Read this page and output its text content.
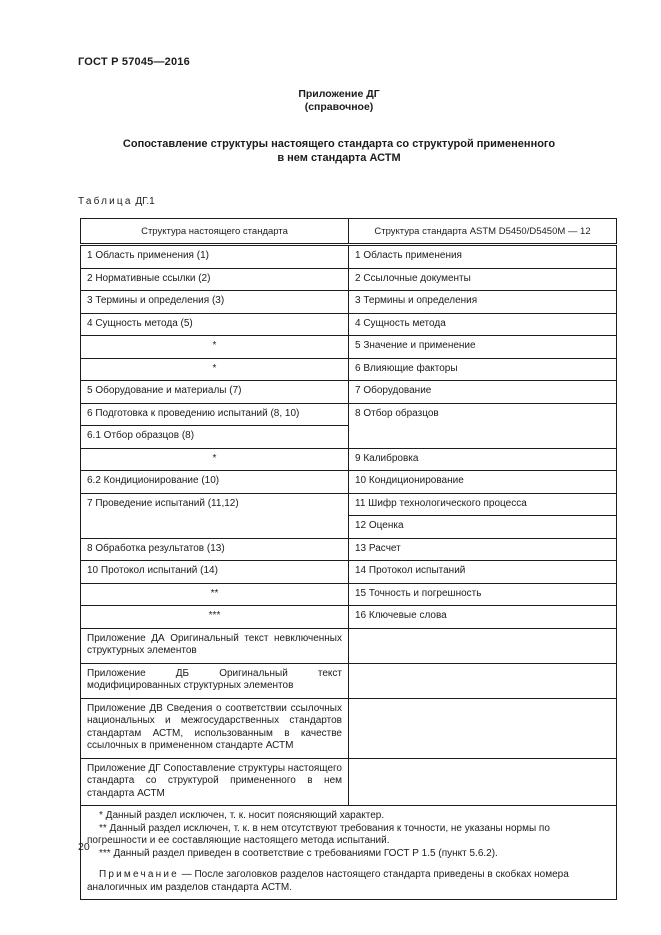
ГОСТ Р 57045—2016
Приложение ДГ
(справочное)
Сопоставление структуры настоящего стандарта со структурой примененного
в нем стандарта АСТМ
Таблица ДГ.1
Структура настоящего стандарта	Структура стандарта ASTM D5450/D5450M — 12
1 Область применения (1)	1 Область применения
2 Нормативные ссылки (2)	2 Ссылочные документы
3 Термины и определения (3)	3 Термины и определения
4 Сущность метода (5)	4 Сущность метода
*	5 Значение и применение
*	6 Влияющие факторы
5 Оборудование и материалы (7)	7 Оборудование
6 Подготовка к проведению испытаний (8, 10)	8 Отбор образцов
6.1 Отбор образцов (8)	
*	9 Калибровка
6.2 Кондиционирование (10)	10 Кондиционирование
7 Проведение испытаний (11,12)	11 Шифр технологического процесса
	12 Оценка
8 Обработка результатов (13)	13 Расчет
10 Протокол испытаний (14)	14 Протокол испытаний
**	15 Точность и погрешность
***	16 Ключевые слова
Приложение ДА Оригинальный текст невключенных структурных элементов	
Приложение ДБ Оригинальный текст модифицированных структурных элементов	
Приложение ДВ Сведения о соответствии ссылочных национальных и межгосударственных стандартов стандартам АСТМ, использованным в качестве ссылочных в примененном стандарте АСТМ	
Приложение ДГ Сопоставление структуры настоящего стандарта со структурой примененного в нем стандарта АСТМ	

* Данный раздел исключен, т. к. носит поясняющий характер.

** Данный раздел исключен, т. к. в нем отсутствуют требования к точности, не указаны нормы по погрешности и ее составляющие настоящего метода испытаний.

*** Данный раздел приведен в соответствие с требованиями ГОСТ Р 1.5 (пункт 5.6.2).

Примечание — После заголовков разделов настоящего стандарта приведены в скобках номера аналогичных им разделов стандарта АСТМ.	

20
